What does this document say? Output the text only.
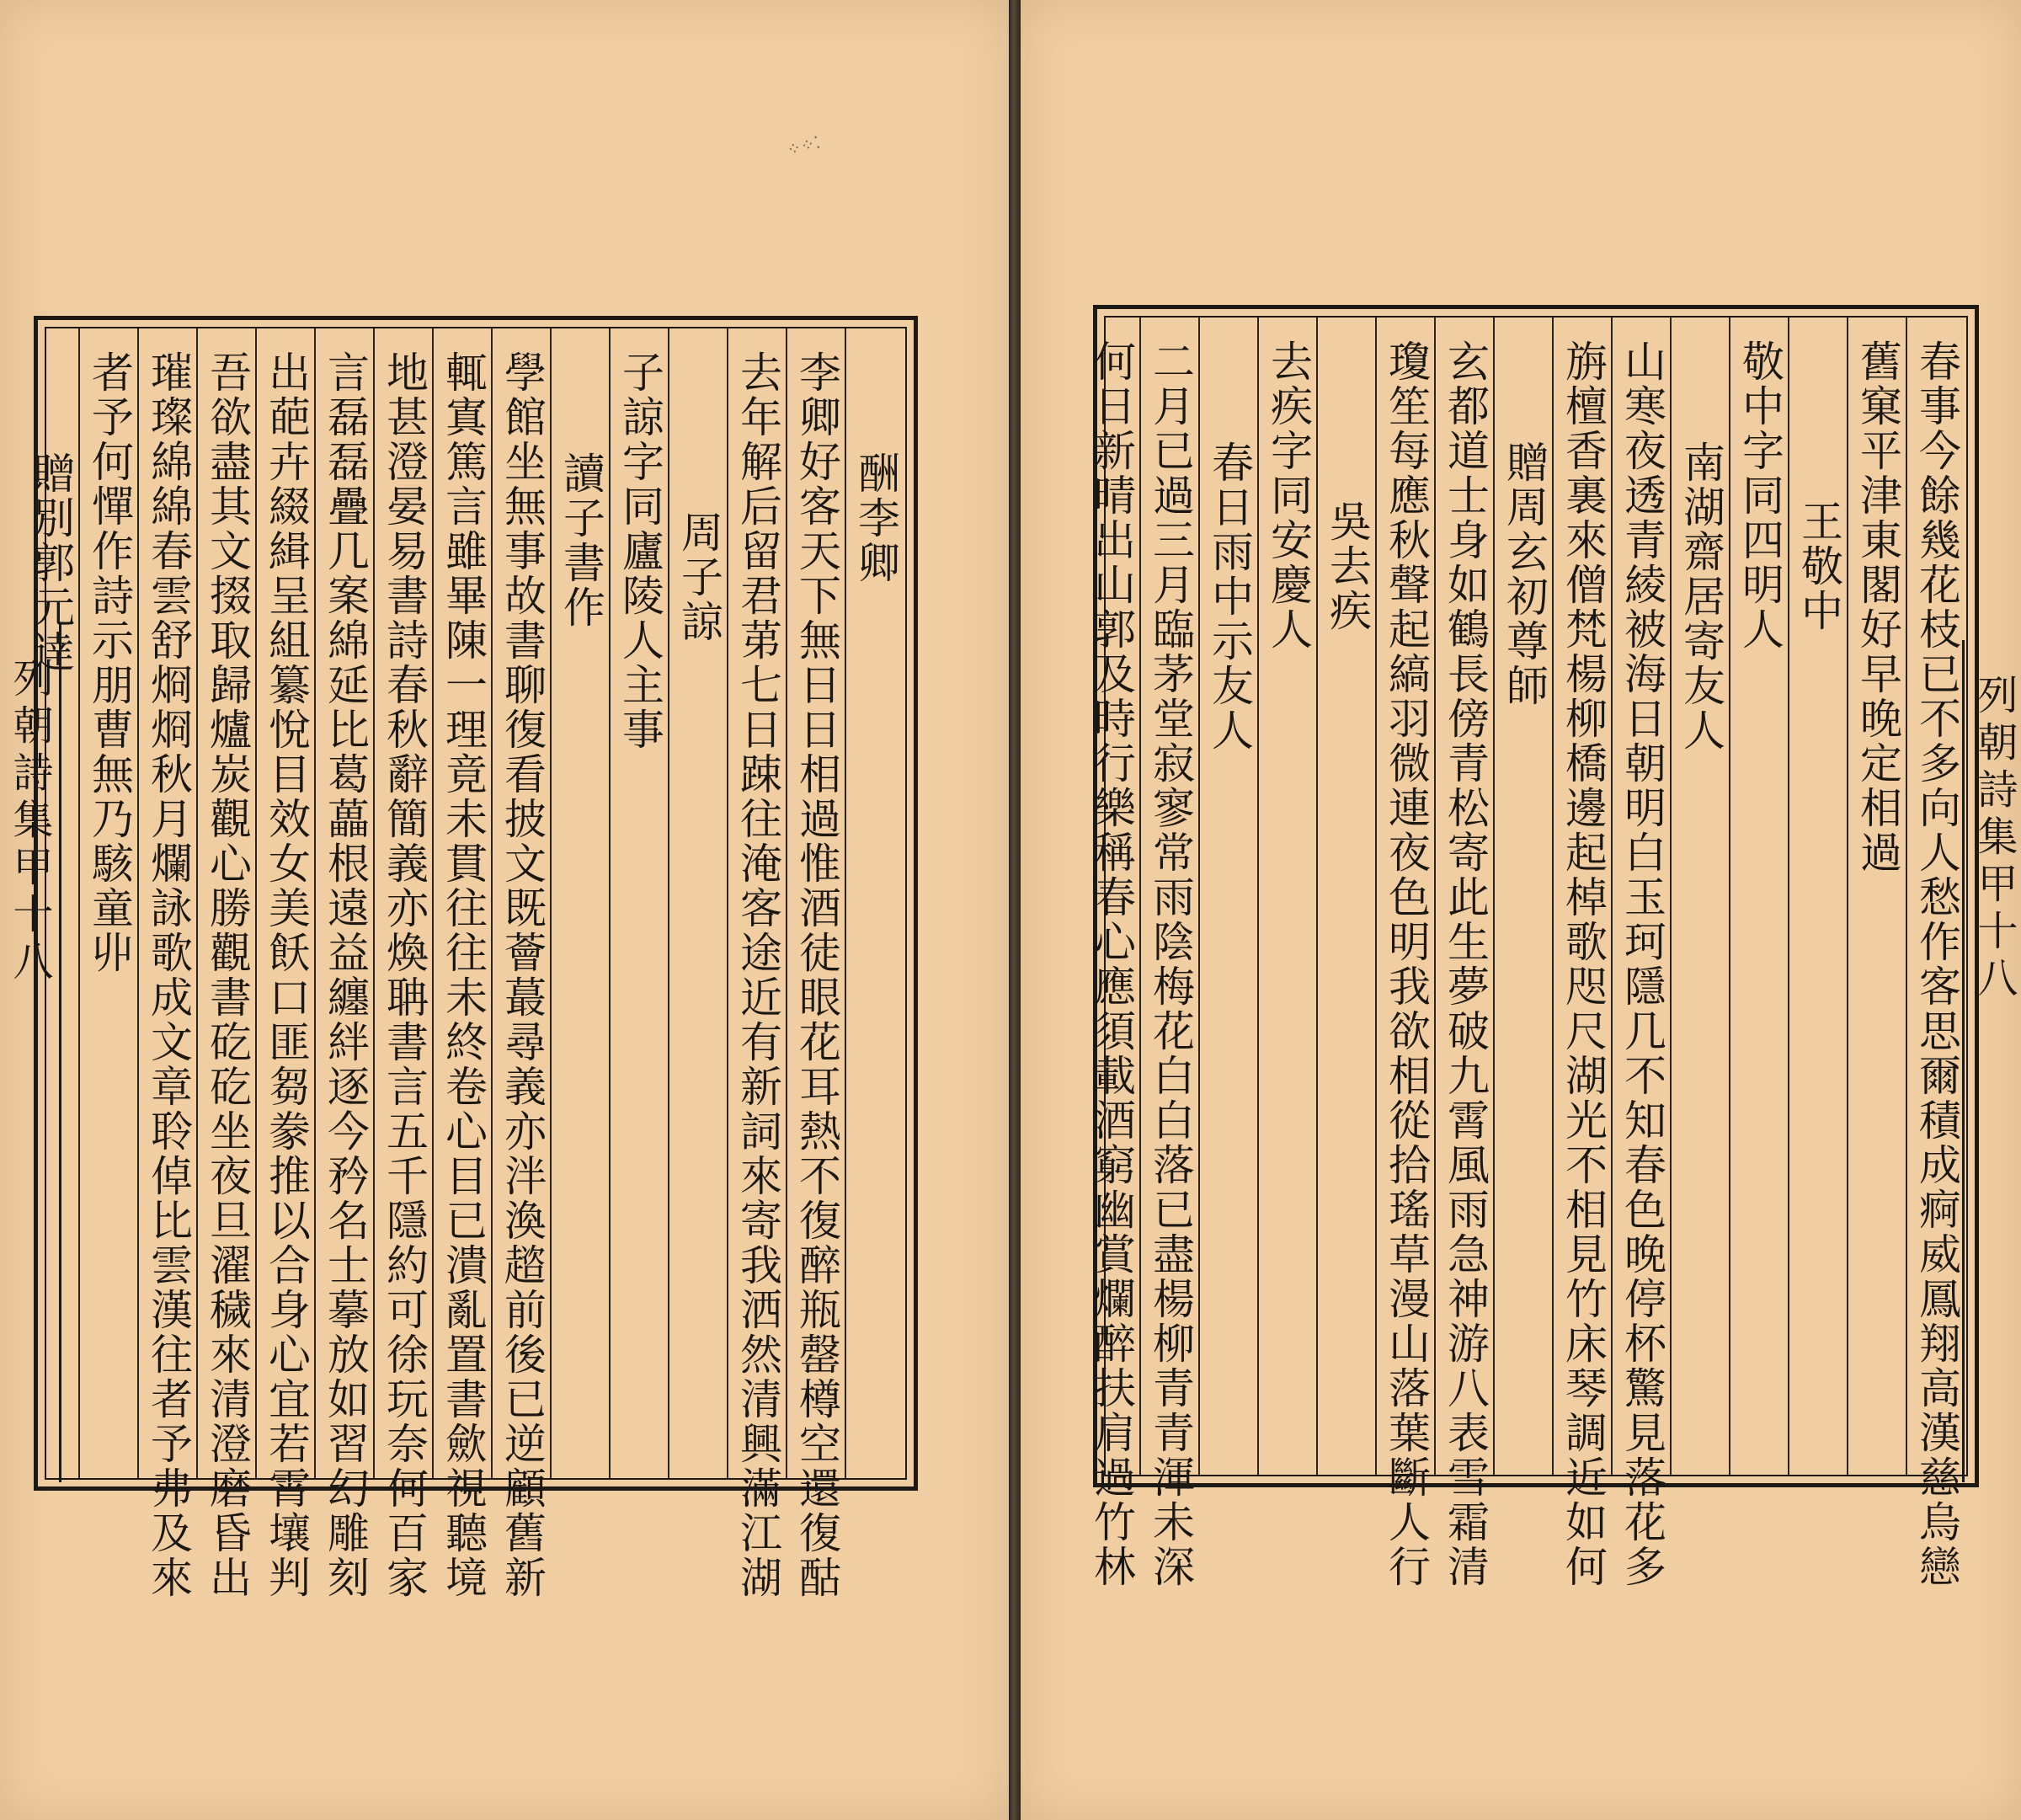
⁘⁘⁚
酬李卿
李卿好客天下無日日相過惟酒徒眼花耳熱不復醉瓶罄樽空還復酤
去年解后留君苐七日踈往淹客途近有新詞來寄我洒然清興滿江湖
周子諒
子諒字同廬陵人主事
讀子書作
學館坐無事故書聊復看披文既薈蕞尋義亦泮渙趦前後已逆顧舊新
輒寘篤言雖畢陳一理竟未貫往往未終卷心目已潰亂置書歛視聽境
地甚澄晏易書詩春秋辭簡義亦煥聃書言五千隱約可徐玩奈何百家
言磊磊疊几案綿延比葛藟根遠益纏絆逐今矜名士摹放如習幻雕刻
出葩卉綴緝呈組纂悅目效女美飫口匪芻豢推以合身心宜若霄壤判
吾欲盡其文掇取歸爐炭觀心勝觀書矻矻坐夜旦濯穢來清澄磨昏出
璀璨綿綿春雲舒烱烱秋月爛詠歌成文章聆倬比雲漢往者予弗及來
者予何憚作詩示朋曹無乃駭童丱
贈別郭元逹
列朝詩集甲十八	春事今餘幾花枝已不多向人愁作客思爾積成痾威鳳翔高漢慈烏戀
舊窠平津東閣好早晚定相過
王敬中
敬中字同四明人
南湖齋居寄友人
山寒夜透青綾被海日朝明白玉珂隱几不知春色晚停杯驚見落花多
旃檀香裏來僧梵楊柳橋邊起棹歌咫尺湖光不相見竹床琴調近如何
贈周玄初尊師
玄都道士身如鶴長傍青松寄此生夢破九霄風雨急神游八表雪霜清
瓊笙每應秋聲起縞羽微連夜色明我欲相從拾瑤草漫山落葉斷人行
吳去疾
去疾字同安慶人
春日雨中示友人
二月已過三月臨茅堂寂寥常雨陰梅花白白落已盡楊柳青青渾未深
何日新晴出山郭及時行樂稱春心應須載酒窮幽賞爛醉扶肩過竹林	列朝詩集甲十八
